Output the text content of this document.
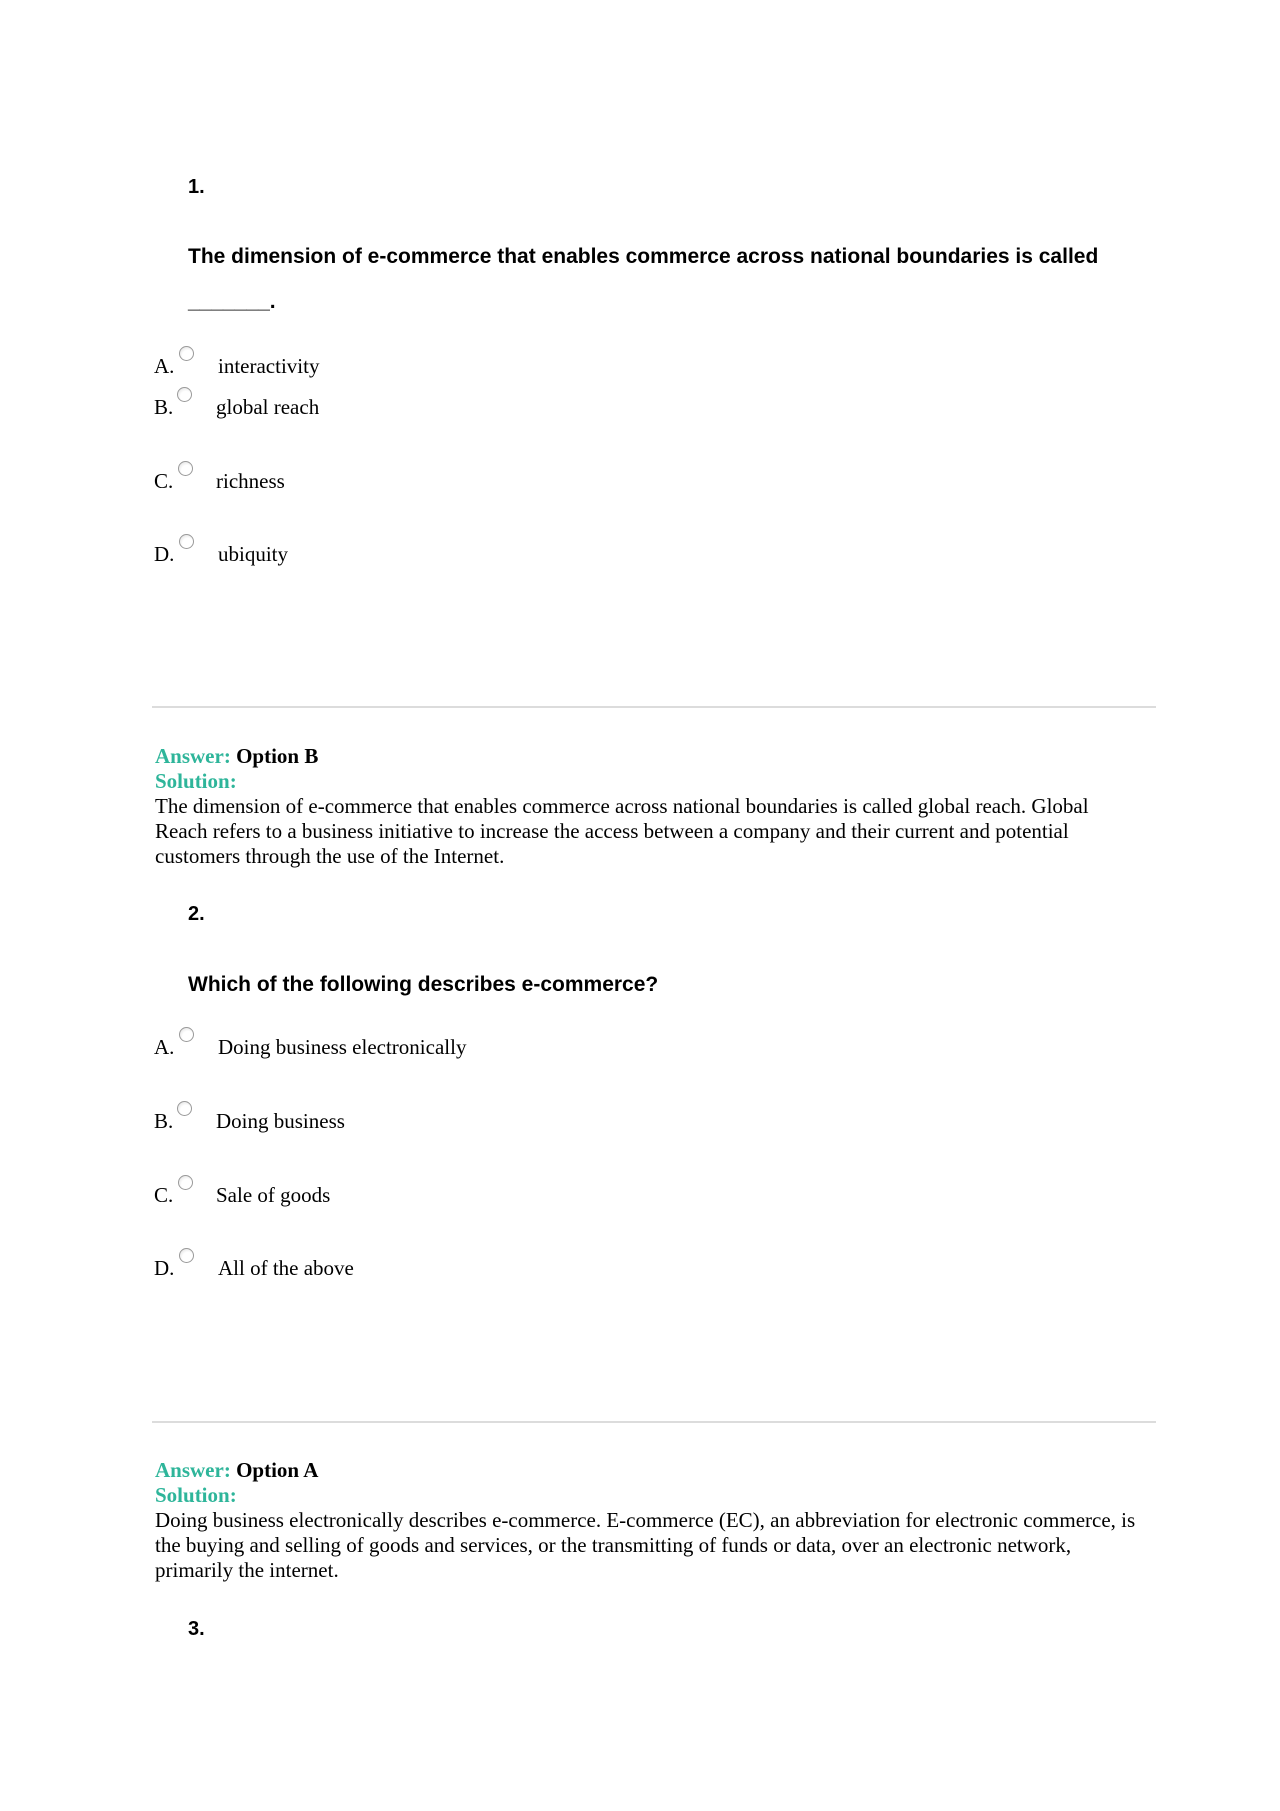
1.
The dimension of e-commerce that enables commerce across national boundaries is called
_______.
A. interactivity
B. global reach
C. richness
D. ubiquity
Answer: Option B
Solution:
The dimension of e-commerce that enables commerce across national boundaries is called global reach. Global Reach refers to a business initiative to increase the access between a company and their current and potential customers through the use of the Internet.
2.
Which of the following describes e-commerce?
A. Doing business electronically
B. Doing business
C. Sale of goods
D. All of the above
Answer: Option A
Solution:
Doing business electronically describes e-commerce. E-commerce (EC), an abbreviation for electronic commerce, is the buying and selling of goods and services, or the transmitting of funds or data, over an electronic network, primarily the internet.
3.
